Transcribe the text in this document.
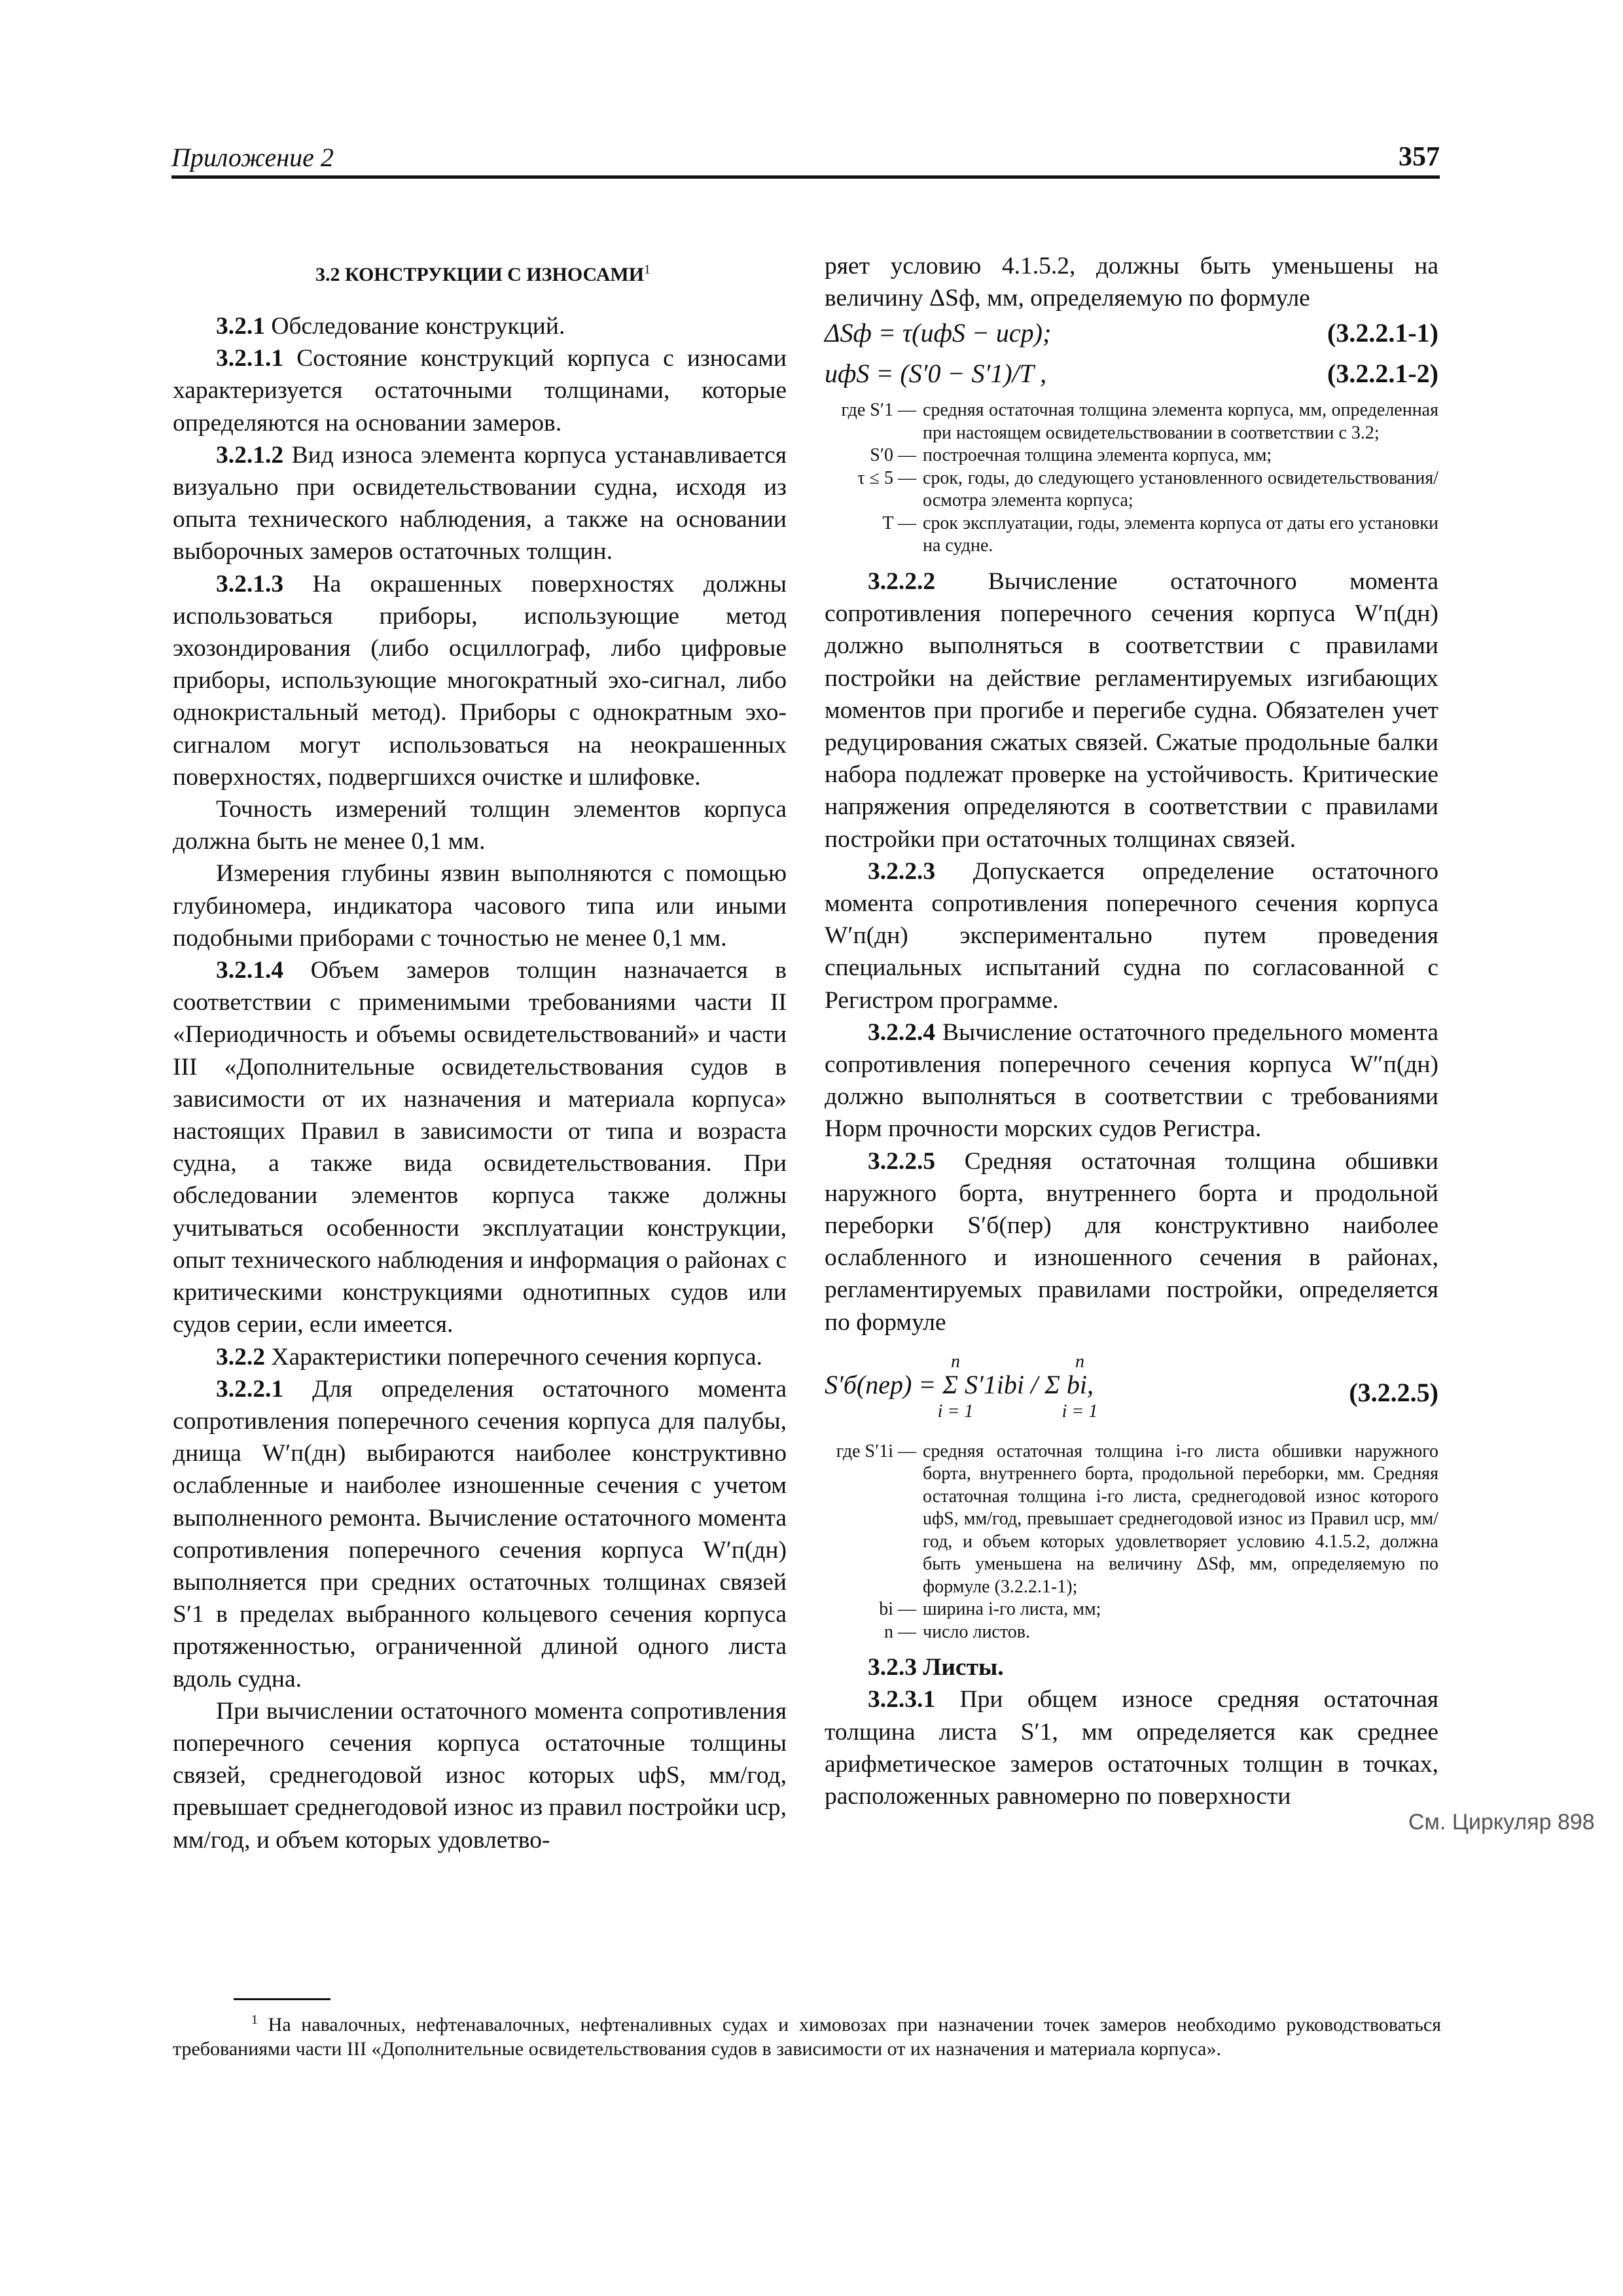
Приложение 2	357

3.2 КОНСТРУКЦИИ С ИЗНОСАМИ$^1$

3.2.1 Обследование конструкций.

3.2.1.1 Состояние конструкций корпуса с износами характеризуется остаточными толщинами, которые определяются на основании замеров.

3.2.1.2 Вид износа элемента корпуса устанавливается визуально при освидетельствовании судна, исходя из опыта технического наблюдения, а также на основании выборочных замеров остаточных толщин.

3.2.1.3 На окрашенных поверхностях должны использоваться приборы, использующие метод эхозондирования (либо осциллограф, либо цифровые приборы, использующие многократный эхо-сигнал, либо однокристальный метод). Приборы с однократным эхо-сигналом могут использоваться на неокрашенных поверхностях, подвергшихся очистке и шлифовке.

Точность измерений толщин элементов корпуса должна быть не менее 0,1 мм.

Измерения глубины язвин выполняются с помощью глубиномера, индикатора часового типа или иными подобными приборами с точностью не менее 0,1 мм.

3.2.1.4 Объем замеров толщин назначается в соответствии с применимыми требованиями части II «Периодичность и объемы освидетельствований» и части III «Дополнительные освидетельствования судов в зависимости от их назначения и материала корпуса» настоящих Правил в зависимости от типа и возраста судна, а также вида освидетельствования. При обследовании элементов корпуса также должны учитываться особенности эксплуатации конструкции, опыт технического наблюдения и информация о районах с критическими конструкциями однотипных судов или судов серии, если имеется.

3.2.2 Характеристики поперечного сечения корпуса.

3.2.2.1 Для определения остаточного момента сопротивления поперечного сечения корпуса для палубы, днища W′п(дн) выбираются наиболее конструктивно ослабленные и наиболее изношенные сечения с учетом выполненного ремонта. Вычисление остаточного момента сопротивления поперечного сечения корпуса W′п(дн) выполняется при средних остаточных толщинах связей S′1 в пределах выбранного кольцевого сечения корпуса протяженностью, ограниченной длиной одного листа вдоль судна.

При вычислении остаточного момента сопротивления поперечного сечения корпуса остаточные толщины связей, среднегодовой износ которых uфS, мм/год, превышает среднегодовой износ из правил постройки uср, мм/год, и объем которых удовлетво-

ряет условию 4.1.5.2, должны быть уменьшены на величину ΔSф, мм, определяемую по формуле

ΔSф = τ(uфS − uср);	(3.2.2.1-1)
uфS = (S′0 − S′1)/T ,	(3.2.2.1-2)
где S′1 — средняя остаточная толщина элемента корпуса, мм, определенная при настоящем освидетельствовании в соответствии с 3.2;
S′0 — построечная толщина элемента корпуса, мм;
τ ≤ 5 — срок, годы, до следующего установленного освидетельствования/осмотра элемента корпуса;
T — срок эксплуатации, годы, элемента корпуса от даты его установки на судне.

3.2.2.2 Вычисление остаточного момента сопротивления поперечного сечения корпуса W′п(дн) должно выполняться в соответствии с правилами постройки на действие регламентируемых изгибающих моментов при прогибе и перегибе судна. Обязателен учет редуцирования сжатых связей. Сжатые продольные балки набора подлежат проверке на устойчивость. Критические напряжения определяются в соответствии с правилами постройки при остаточных толщинах связей.

3.2.2.3 Допускается определение остаточного момента сопротивления поперечного сечения корпуса W′п(дн) экспериментально путем проведения специальных испытаний судна по согласованной с Регистром программе.

3.2.2.4 Вычисление остаточного предельного момента сопротивления поперечного сечения корпуса W″п(дн) должно выполняться в соответствии с требованиями Норм прочности морских судов Регистра.

3.2.2.5 Средняя остаточная толщина обшивки наружного борта, внутреннего борта и продольной переборки S′б(пер) для конструктивно наиболее ослабленного и изношенного сечения в районах, регламентируемых правилами постройки, определяется по формуле

n
i = 1
n
i = 1
S′б(пер) = Σ S′1ibi / Σ bi,	(3.2.2.5)
где S′1i — средняя остаточная толщина i-го листа обшивки наружного борта, внутреннего борта, продольной переборки, мм. Средняя остаточная толщина i-го листа, среднегодовой износ которого uфS, мм/год, превышает среднегодовой износ из Правил uср, мм/год, и объем которых удовлетворяет условию 4.1.5.2, должна быть уменьшена на величину ΔSф, мм, определяемую по формуле (3.2.2.1-1);
bi — ширина i-го листа, мм;
n — число листов.

3.2.3 Листы.

3.2.3.1 При общем износе средняя остаточная толщина листа S′1, мм определяется как среднее арифметическое замеров остаточных толщин в точках, расположенных равномерно по поверхности

См. Циркуляр 898
$^1$ На навалочных, нефтенавалочных, нефтеналивных судах и химовозах при назначении точек замеров необходимо руководствоваться требованиями части III «Дополнительные освидетельствования судов в зависимости от их назначения и материала корпуса».
